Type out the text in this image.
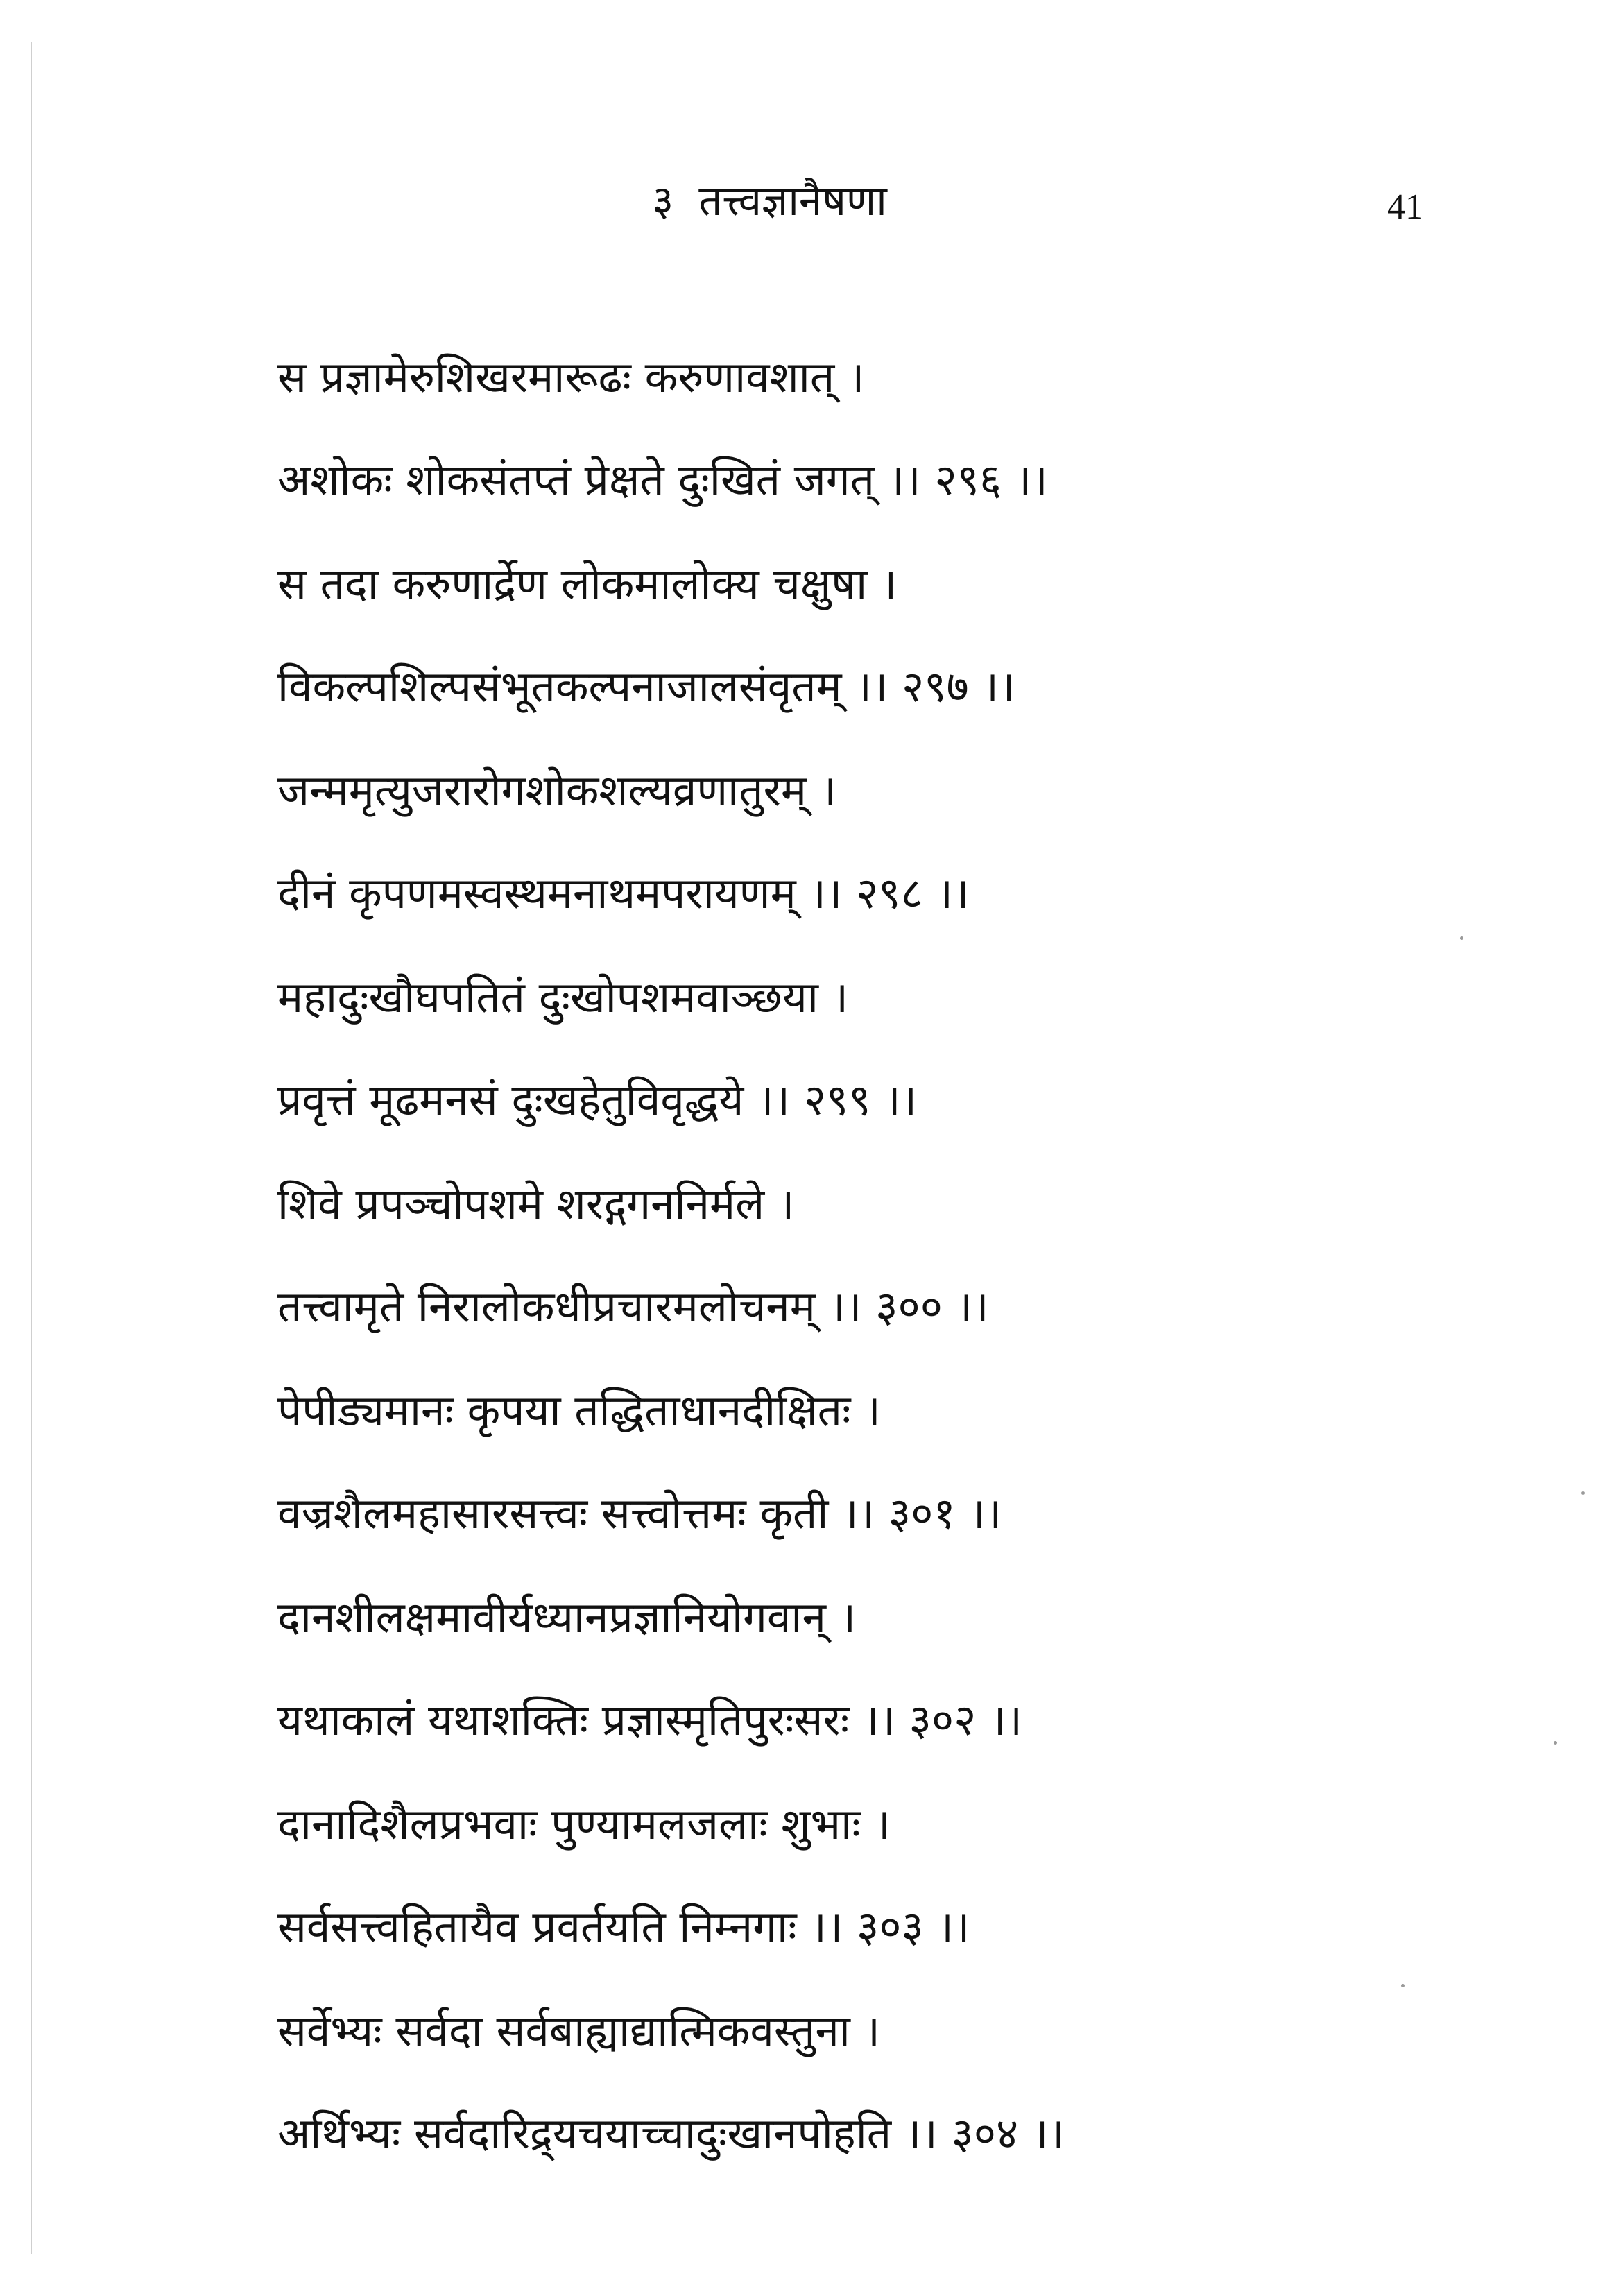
३ तत्त्वज्ञानैषणा	41
स प्रज्ञामेरुशिखरमारूढः करुणावशात् ।
अशोकः शोकसंतप्तं प्रेक्षते दुःखितं जगत् ।। २९६ ।।
स तदा करुणार्द्रेण लोकमालोक्य चक्षुषा ।
विकल्पशिल्पसंभूतकल्पनाजालसंवृतम् ।। २९७ ।।
जन्ममृत्युजरारोगशोकशल्यव्रणातुरम् ।
दीनं कृपणमस्वस्थमनाथमपरायणम् ।। २९८ ।।
महादुःखौघपतितं दुःखोपशमवाञ्छया ।
प्रवृत्तं मूढमनसं दुःखहेतुविवृद्धये ।। २९९ ।।
शिवे प्रपञ्चोपशमे शरद्गगननिर्मले ।
तत्त्वामृते निरालोकधीप्रचारमलोचनम् ।। ३०० ।।
पेपीड्यमानः कृपया तद्धिताधानदीक्षितः ।
वज्रशैलमहासारसत्त्वः सत्त्वोत्तमः कृती ।। ३०१ ।।
दानशीलक्षमावीर्यध्यानप्रज्ञानियोगवान् ।
यथाकालं यथाशक्तिः प्रज्ञास्मृतिपुरःसरः ।। ३०२ ।।
दानादिशैलप्रभवाः पुण्यामलजलाः शुभाः ।
सर्वसत्त्वहितायैव प्रवर्तयति निम्नगाः ।। ३०३ ।।
सर्वेभ्यः सर्वदा सर्वबाह्याद्यात्मिकवस्तुना ।
अर्थिभ्यः सर्वदारिद्र्यचयाच्चादुःखानपोहति ।। ३०४ ।।
